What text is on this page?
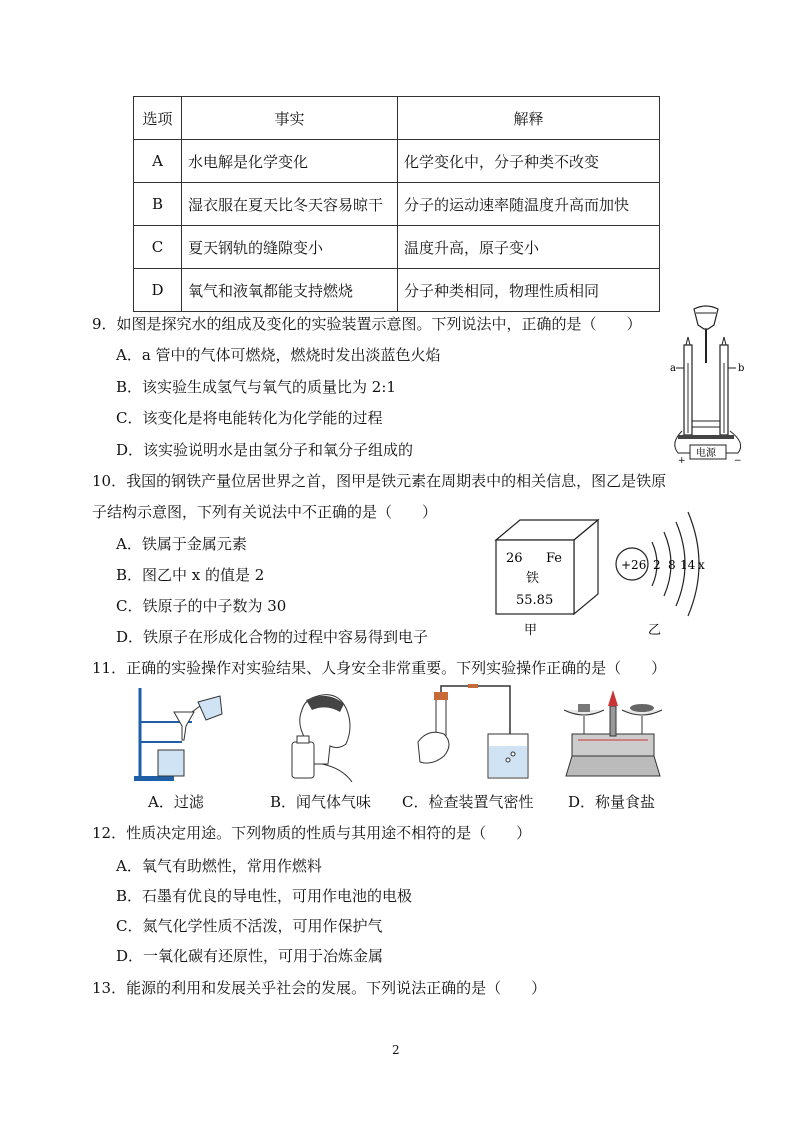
选项	事实	解释
A	水电解是化学变化	化学变化中，分子种类不改变
B	湿衣服在夏天比冬天容易晾干	分子的运动速率随温度升高而加快
C	夏天钢轨的缝隙变小	温度升高，原子变小
D	氧气和液氧都能支持燃烧	分子种类相同，物理性质相同
9．如图是探究水的组成及变化的实验装置示意图。下列说法中，正确的是（　　）
A．a 管中的气体可燃烧，燃烧时发出淡蓝色火焰
B．该实验生成氢气与氧气的质量比为 2:1
C．该变化是将电能转化为化学能的过程
D．该实验说明水是由氢分子和氧分子组成的
a	b
电源
+	−
10．我国的钢铁产量位居世界之首，图甲是铁元素在周期表中的相关信息，图乙是铁原
子结构示意图，下列有关说法中不正确的是（　　）
A．铁属于金属元素
B．图乙中 x 的值是 2
C．铁原子的中子数为 30
D．铁原子在形成化合物的过程中容易得到电子
26 Fe
铁
55.85
甲
+26 2 8 14 x
乙
11．正确的实验操作对实验结果、人身安全非常重要。下列实验操作正确的是（　　）
A．过滤	B．闻气体气味 C．检查装置气密性 D．称量食盐
12．性质决定用途。下列物质的性质与其用途不相符的是（　　）
A．氧气有助燃性，常用作燃料
B．石墨有优良的导电性，可用作电池的电极
C．氮气化学性质不活泼，可用作保护气
D．一氧化碳有还原性，可用于冶炼金属
13．能源的利用和发展关乎社会的发展。下列说法正确的是（　　）
2
